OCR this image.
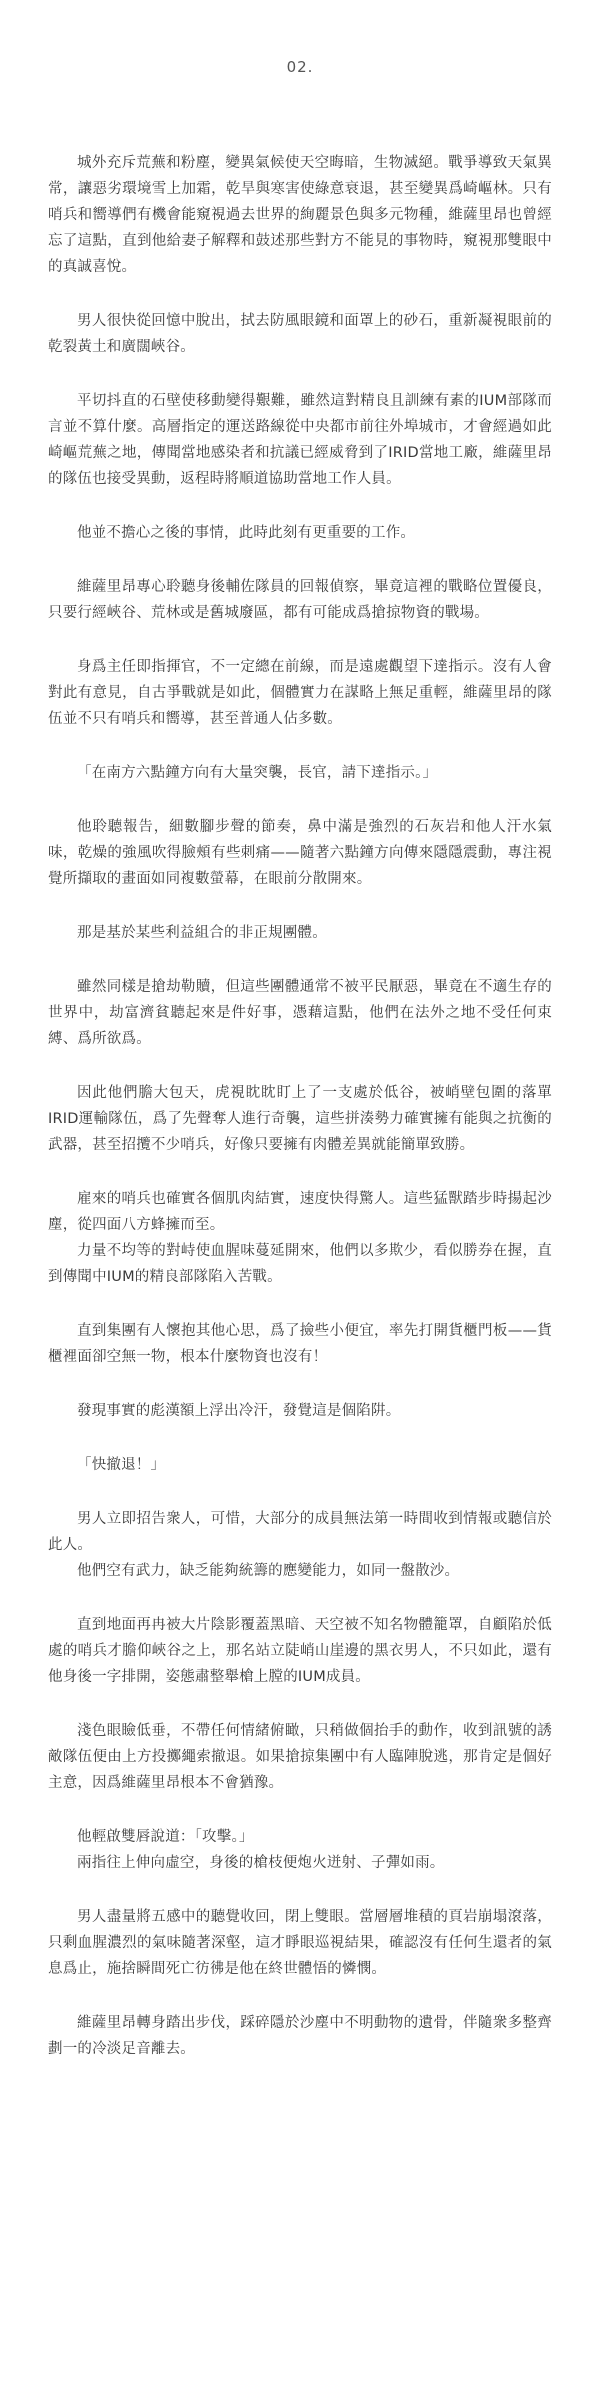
02.

城外充斥荒蕪和粉塵，變異氣候使天空晦暗，生物滅絕。戰爭導致天氣異常，讓惡劣環境雪上加霜，乾旱與寒害使綠意衰退，甚至變異爲崎嶇林。只有哨兵和嚮導們有機會能窺視過去世界的絢麗景色與多元物種，維薩里昂也曾經忘了這點，直到他給妻子解釋和鼓述那些對方不能見的事物時，窺視那雙眼中的真誠喜悅。

男人很快從回憶中脫出，拭去防風眼鏡和面罩上的砂石，重新凝視眼前的乾裂黃土和廣闊峽谷。

平切抖直的石壁使移動變得艱難，雖然這對精良且訓練有素的IUM部隊而言並不算什麼。高層指定的運送路線從中央都市前往外埠城市，才會經過如此崎嶇荒蕪之地，傳聞當地感染者和抗議已經威脅到了IRID當地工廠，維薩里昂的隊伍也接受異動，返程時將順道協助當地工作人員。

他並不擔心之後的事情，此時此刻有更重要的工作。

維薩里昂專心聆聽身後輔佐隊員的回報偵察，畢竟這裡的戰略位置優良，只要行經峽谷、荒林或是舊城廢區，都有可能成爲搶掠物資的戰場。

身爲主任即指揮官，不一定總在前線，而是遠處觀望下達指示。沒有人會對此有意見，自古爭戰就是如此，個體實力在謀略上無足重輕，維薩里昂的隊伍並不只有哨兵和嚮導，甚至普通人佔多數。

「在南方六點鐘方向有大量突襲，長官，請下達指示。」

他聆聽報告，細數腳步聲的節奏，鼻中滿是強烈的石灰岩和他人汗水氣味，乾燥的強風吹得臉頰有些刺痛——隨著六點鐘方向傳來隱隱震動，專注視覺所擷取的畫面如同複數螢幕，在眼前分散開來。

那是基於某些利益組合的非正規團體。

雖然同樣是搶劫勒贖，但這些團體通常不被平民厭惡，畢竟在不適生存的世界中，劫富濟貧聽起來是件好事，憑藉這點，他們在法外之地不受任何束縛、爲所欲爲。

因此他們膽大包天，虎視眈眈盯上了一支處於低谷，被峭壁包圍的落單IRID運輸隊伍，爲了先聲奪人進行奇襲，這些拼湊勢力確實擁有能與之抗衡的武器，甚至招攬不少哨兵，好像只要擁有肉體差異就能簡單致勝。

雇來的哨兵也確實各個肌肉結實，速度快得驚人。這些猛獸踏步時揚起沙塵，從四面八方蜂擁而至。

力量不均等的對峙使血腥味蔓延開來，他們以多欺少，看似勝券在握，直到傳聞中IUM的精良部隊陷入苦戰。

直到集團有人懷抱其他心思，爲了撿些小便宜，率先打開貨櫃門板——貨櫃裡面卻空無一物，根本什麼物資也沒有！

發現事實的彪漢額上浮出冷汗，發覺這是個陷阱。

「快撤退！」

男人立即招告衆人，可惜，大部分的成員無法第一時間收到情報或聽信於此人。

他們空有武力，缺乏能夠統籌的應變能力，如同一盤散沙。

直到地面再冉被大片陰影覆蓋黑暗、天空被不知名物體籠罩，自顧陷於低處的哨兵才膽仰峽谷之上，那名站立陡峭山崖邊的黑衣男人，不只如此，還有他身後一字排開，姿態肅整舉槍上膛的IUM成員。

淺色眼瞼低垂，不帶任何情緒俯瞰，只稍做個抬手的動作，收到訊號的誘敵隊伍便由上方投擲繩索撤退。如果搶掠集團中有人臨陣脫逃，那肯定是個好主意，因爲維薩里昂根本不會猶豫。

他輕啟雙唇說道：「攻擊。」

兩指往上伸向虛空，身後的槍枝便炮火迸射、子彈如雨。

男人盡量將五感中的聽覺收回，閉上雙眼。當層層堆積的頁岩崩塌滾落，只剩血腥濃烈的氣味隨著深壑，這才睜眼巡視結果，確認沒有任何生還者的氣息爲止，施捨瞬間死亡彷彿是他在終世體悟的憐憫。

維薩里昂轉身踏出步伐，踩碎隱於沙塵中不明動物的遺骨，伴隨衆多整齊劃一的冷淡足音離去。
